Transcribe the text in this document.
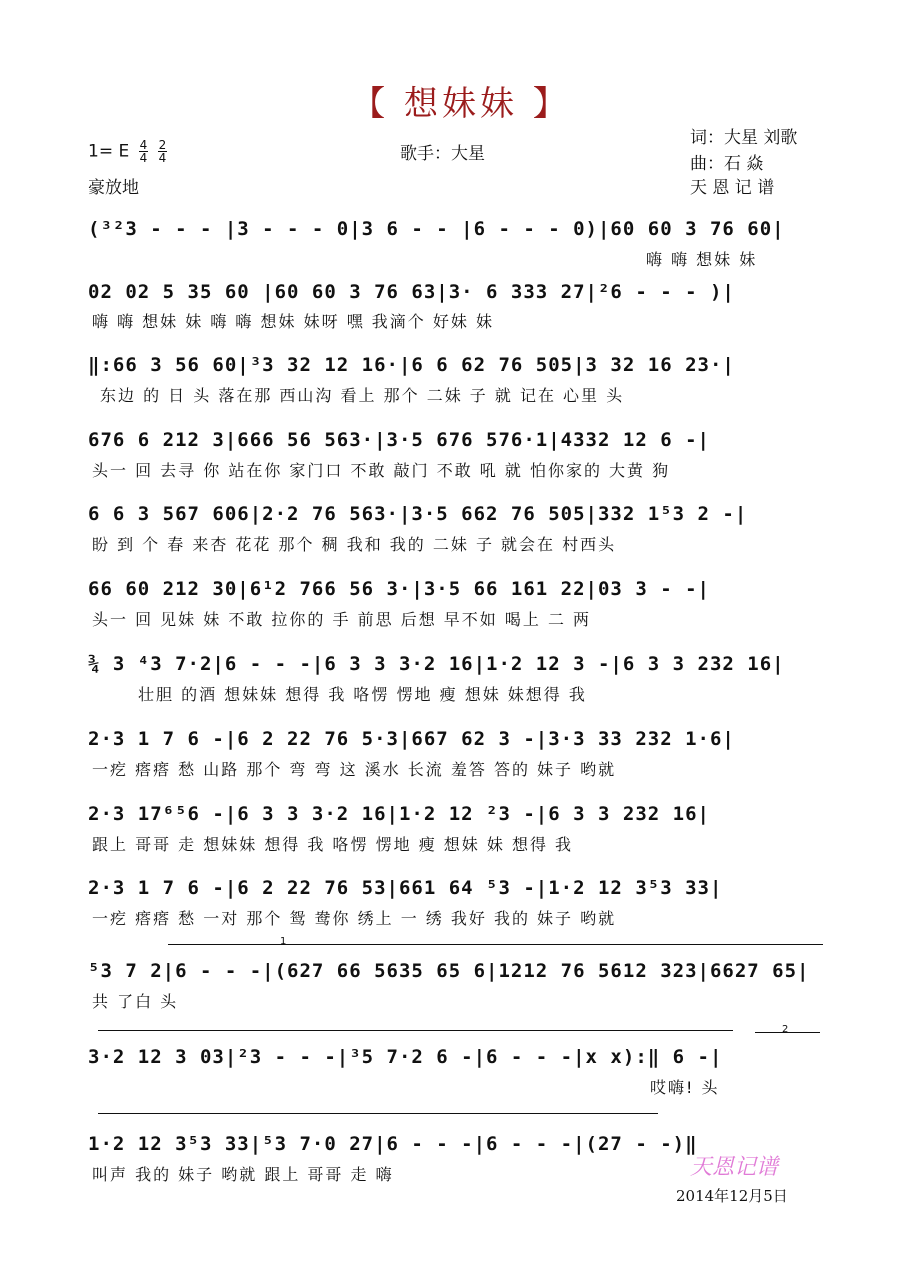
【 想妹妹 】
1= E $\frac{4}{4}$
$\frac{2}{4}$	歌手：大星
词：大星 刘歌
曲：石 焱
天 恩 记 谱
豪放地
(³²3 - - - |3 - - - 0|3 6 - - |6 - - - 0)|60 60 3 76 60|
嗨 嗨 想妹 妹
02 02 5 35 60 |60 60 3 76 63|3· 6 333 27|²6 - - - )|
嗨 嗨 想妹 妹 嗨 嗨 想妹 妹呀 嘿 我滴个 好妹 妹
‖:66 3 56 60|³3 32 12 16·|6 6 62 76 505|3 32 16 23·|
东边 的 日 头 落在那 西山沟 看上 那个 二妹 子 就 记在 心里 头
676 6 212 3|666 56 563·|3·5 676 576·1|4332 12 6 -|
头一 回 去寻 你 站在你 家门口 不敢 敲门 不敢 吼 就 怕你家的 大黄 狗
6 6 3 567 606|2·2 76 563·|3·5 662 76 505|332 1⁵3 2 -|
盼 到 个 春 来杏 花花 那个 稠 我和 我的 二妹 子 就会在 村西头
66 60 212 30|6¹2 766 56 3·|3·5 66 161 22|03 3 - -|
头一 回 见妹 妹 不敢 拉你的 手 前思 后想 早不如 喝上 二 两
¾ 3 ⁴3 7·2|6 - - -|6 3 3 3·2 16|1·2 12 3 -|6 3 3 232 16|
壮胆 的酒 想妹妹 想得 我 咯愣 愣地 瘦 想妹 妹想得 我
2·3 1 7 6 -|6 2 22 76 5·3|667 62 3 -|3·3 33 232 1·6|
一疙 瘩瘩 愁 山路 那个 弯 弯 这 溪水 长流 羞答 答的 妹子 哟就
2·3 17⁶⁵6 -|6 3 3 3·2 16|1·2 12 ²3 -|6 3 3 232 16|
跟上 哥哥 走 想妹妹 想得 我 咯愣 愣地 瘦 想妹 妹 想得 我
2·3 1 7 6 -|6 2 22 76 53|661 64 ⁵3 -|1·2 12 3⁵3 33|
一疙 瘩瘩 愁 一对 那个 鸳 鸯你 绣上 一 绣 我好 我的 妹子 哟就
1
⁵3 7 2|6 - - -|(627 66 5635 65 6|1212 76 5612 323|6627 65|
共 了白 头
2
3·2 12 3 03|²3 - - -|³5 7·2 6 -|6 - - -|x x):‖ 6 -|
哎嗨! 头
1·2 12 3⁵3 33|⁵3 7·0 27|6 - - -|6 - - -|(27 - -)‖
叫声 我的 妹子 哟就 跟上 哥哥 走 嗨	天恩记谱
2014年12月5日
